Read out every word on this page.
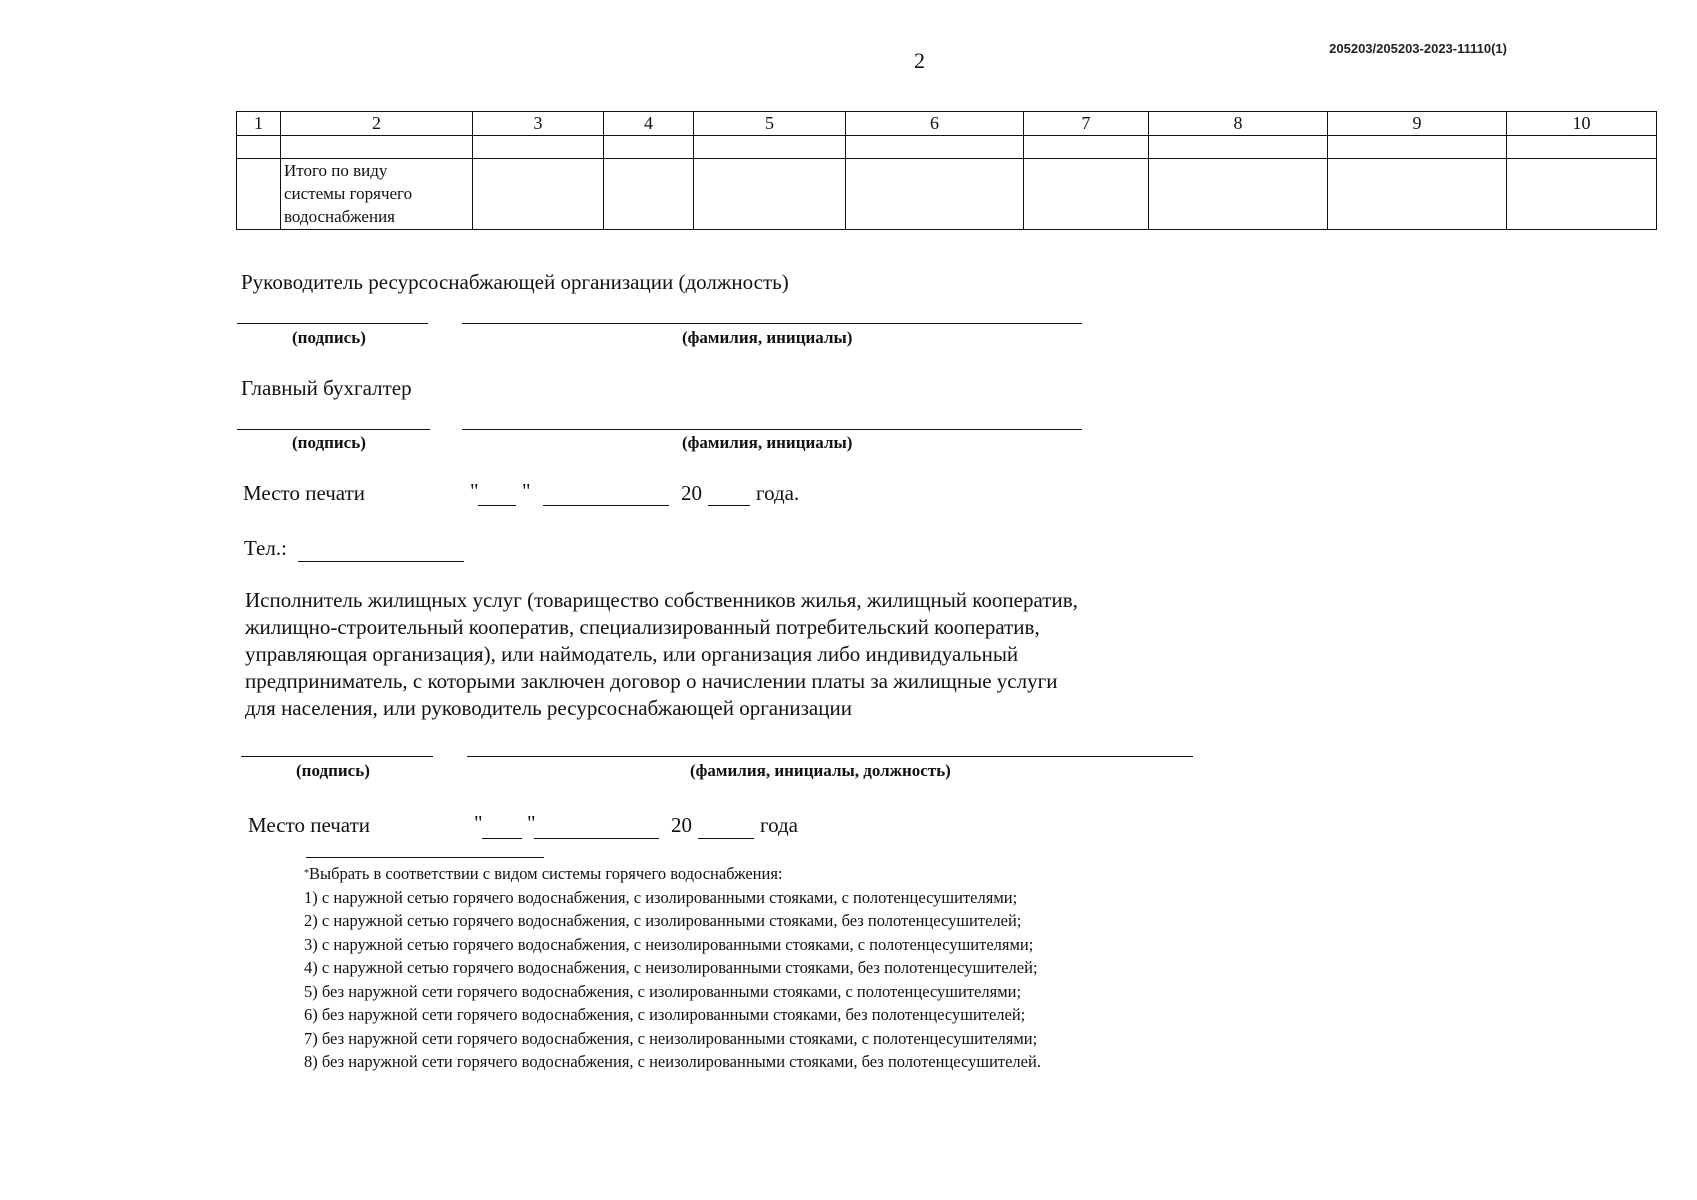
205203/205203-2023-11110(1)
2
1	2	3	4	5	6	7	8	9	10

	Итого по виду
системы горячего
водоснабжения								

Руководитель ресурсоснабжающей организации (должность)
(подпись)	(фамилия, инициалы)
Главный бухгалтер
(подпись)	(фамилия, инициалы)
Место печати	" "	20	года.
Тел.:
Исполнитель жилищных услуг (товарищество собственников жилья, жилищный кооператив,
жилищно-строительный кооператив, специализированный потребительский кооператив,
управляющая организация), или наймодатель, или организация либо индивидуальный
предприниматель, с которыми заключен договор о начислении платы за жилищные услуги
для населения, или руководитель ресурсоснабжающей организации
(подпись)	(фамилия, инициалы, должность)
Место печати	" "	20	года
*Выбрать в соответствии с видом системы горячего водоснабжения:
1) с наружной сетью горячего водоснабжения, с изолированными стояками, с полотенцесушителями;
2) с наружной сетью горячего водоснабжения, с изолированными стояками, без полотенцесушителей;
3) с наружной сетью горячего водоснабжения, с неизолированными стояками, с полотенцесушителями;
4) с наружной сетью горячего водоснабжения, с неизолированными стояками, без полотенцесушителей;
5) без наружной сети горячего водоснабжения, с изолированными стояками, с полотенцесушителями;
6) без наружной сети горячего водоснабжения, с изолированными стояками, без полотенцесушителей;
7) без наружной сети горячего водоснабжения, с неизолированными стояками, с полотенцесушителями;
8) без наружной сети горячего водоснабжения, с неизолированными стояками, без полотенцесушителей.
